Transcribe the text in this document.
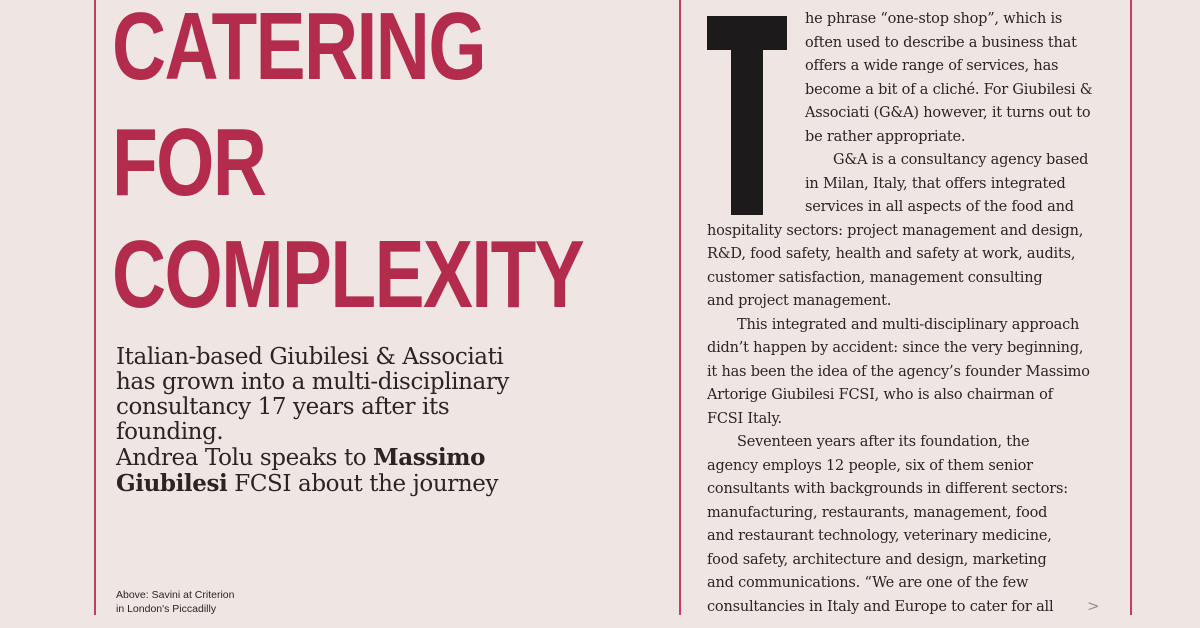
CATERING
FOR
COMPLEXITY
Italian-based Giubilesi & Associati
has grown into a multi-disciplinary
consultancy 17 years after its founding.
Andrea Tolu speaks to Massimo
Giubilesi FCSI about the journey
Above: Savini at Criterion
in London's Piccadilly
he phrase “one-stop shop”, which is
often used to describe a business that
offers a wide range of services, has
become a bit of a cliché. For Giubilesi &
Associati (G&A) however, it turns out to
be rather appropriate.
G&A is a consultancy agency based
in Milan, Italy, that offers integrated
services in all aspects of the food and
hospitality sectors: project management and design,
R&D, food safety, health and safety at work, audits,
customer satisfaction, management consulting
and project management.
This integrated and multi-disciplinary approach
didn’t happen by accident: since the very beginning,
it has been the idea of the agency’s founder Massimo
Artorige Giubilesi FCSI, who is also chairman of
FCSI Italy.
Seventeen years after its foundation, the
agency employs 12 people, six of them senior
consultants with backgrounds in different sectors:
manufacturing, restaurants, management, food
and restaurant technology, veterinary medicine,
food safety, architecture and design, marketing
and communications. “We are one of the few
consultancies in Italy and Europe to cater for all	>
